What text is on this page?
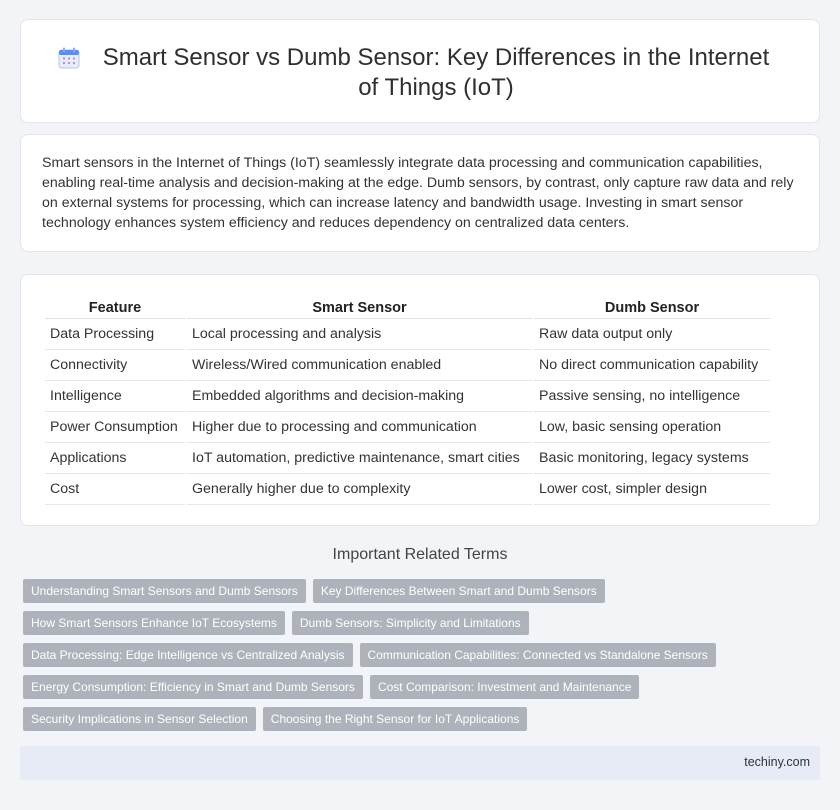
Smart Sensor vs Dumb Sensor: Key Differences in the Internet of Things (IoT)

Smart sensors in the Internet of Things (IoT) seamlessly integrate data processing and communication capabilities, enabling real-time analysis and decision-making at the edge. Dumb sensors, by contrast, only capture raw data and rely on external systems for processing, which can increase latency and bandwidth usage. Investing in smart sensor technology enhances system efficiency and reduces dependency on centralized data centers.

Feature	Smart Sensor	Dumb Sensor
Data Processing	Local processing and analysis	Raw data output only
Connectivity	Wireless/Wired communication enabled	No direct communication capability
Intelligence	Embedded algorithms and decision-making	Passive sensing, no intelligence
Power Consumption	Higher due to processing and communication	Low, basic sensing operation
Applications	IoT automation, predictive maintenance, smart cities	Basic monitoring, legacy systems
Cost	Generally higher due to complexity	Lower cost, simpler design
Important Related Terms
Understanding Smart Sensors and Dumb Sensors	Key Differences Between Smart and Dumb Sensors
How Smart Sensors Enhance IoT Ecosystems	Dumb Sensors: Simplicity and Limitations
Data Processing: Edge Intelligence vs Centralized Analysis	Communication Capabilities: Connected vs Standalone Sensors
Energy Consumption: Efficiency in Smart and Dumb Sensors	Cost Comparison: Investment and Maintenance
Security Implications in Sensor Selection	Choosing the Right Sensor for IoT Applications
techiny.com
